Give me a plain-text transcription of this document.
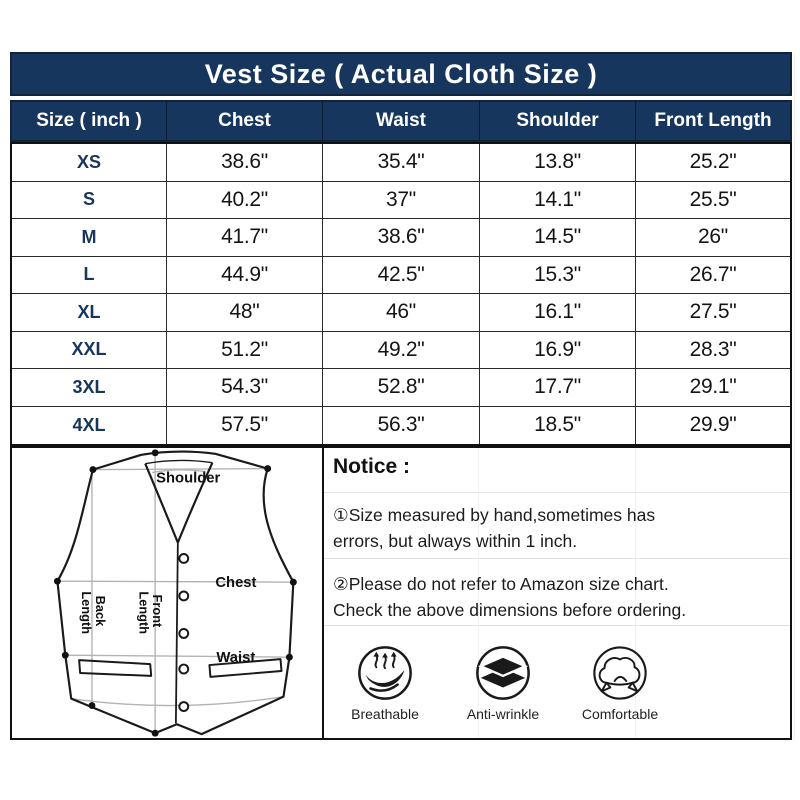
Vest Size ( Actual Cloth Size )
Size ( inch )	Chest	Waist	Shoulder	Front Length
XS	38.6"	35.4"	13.8"	25.2"
S	40.2"	37"	14.1"	25.5"
M	41.7"	38.6"	14.5"	26"
L	44.9"	42.5"	15.3"	26.7"
XL	48"	46"	16.1"	27.5"
XXL	51.2"	49.2"	16.9"	28.3"
3XL	54.3"	52.8"	17.7"	29.1"
4XL	57.5"	56.3"	18.5"	29.9"
Shoulder
Chest
Waist
Back Length	Front Length
Notice :
①Size measured by hand,sometimes has
errors, but always within 1 inch.
②Please do not refer to Amazon size chart.
Check the above dimensions before ordering.
Breathable	Anti-wrinkle	Comfortable
